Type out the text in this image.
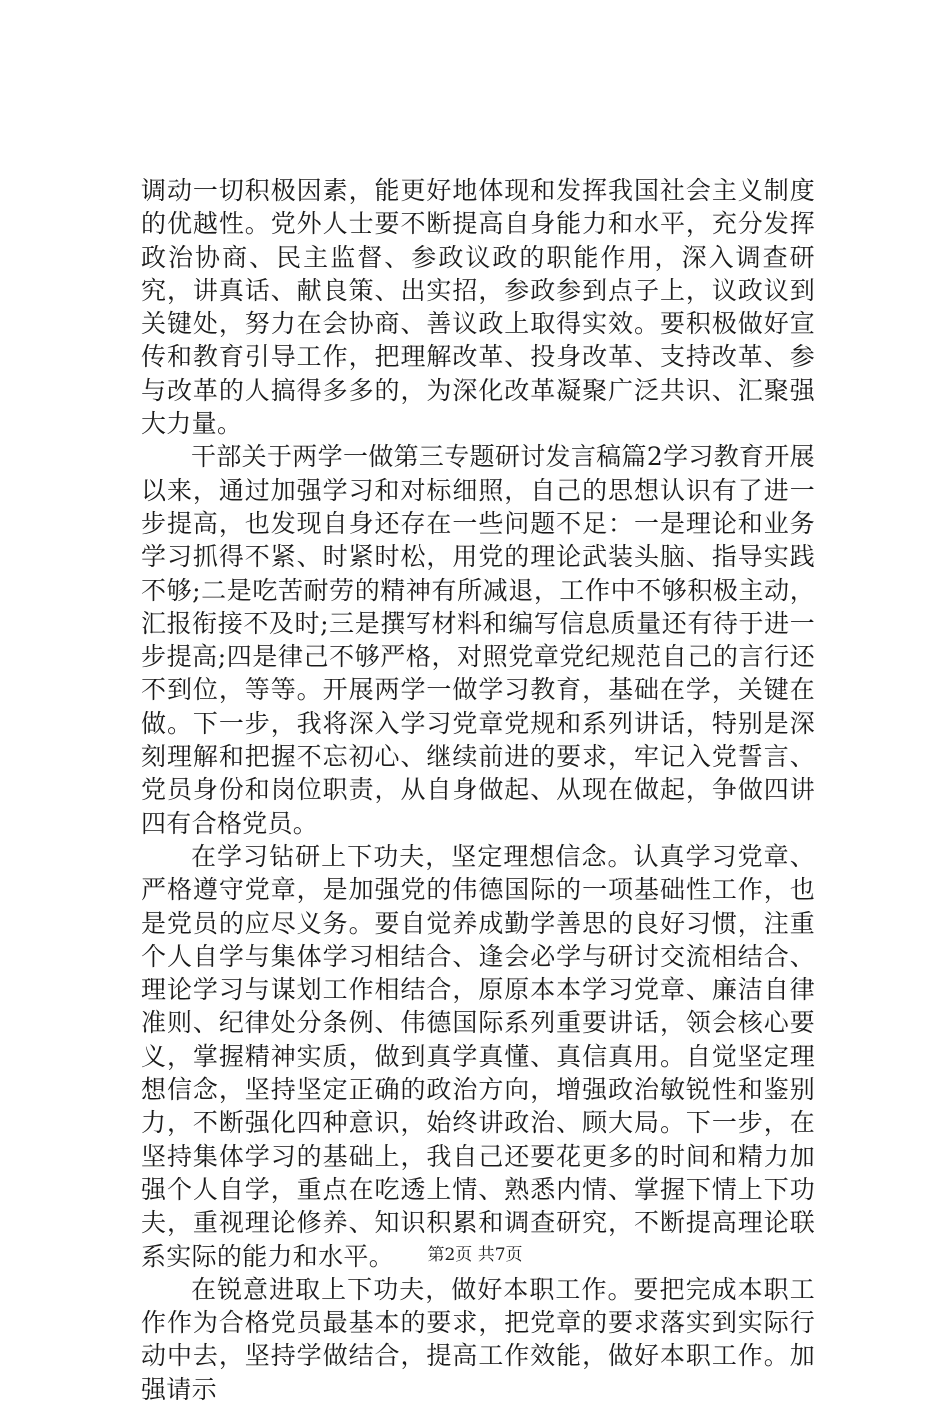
调动一切积极因素，能更好地体现和发挥我国社会主义制度的优越性。党外人士要不断提高自身能力和水平，充分发挥政治协商、民主监督、参政议政的职能作用，深入调查研究，讲真话、献良策、出实招，参政参到点子上，议政议到关键处，努力在会协商、善议政上取得实效。要积极做好宣传和教育引导工作，把理解改革、投身改革、支持改革、参与改革的人搞得多多的，为深化改革凝聚广泛共识、汇聚强大力量。

干部关于两学一做第三专题研讨发言稿篇2学习教育开展以来，通过加强学习和对标细照，自己的思想认识有了进一步提高，也发现自身还存在一些问题不足：一是理论和业务学习抓得不紧、时紧时松，用党的理论武装头脑、指导实践不够;二是吃苦耐劳的精神有所减退，工作中不够积极主动，汇报衔接不及时;三是撰写材料和编写信息质量还有待于进一步提高;四是律己不够严格，对照党章党纪规范自己的言行还不到位，等等。开展两学一做学习教育，基础在学，关键在做。下一步，我将深入学习党章党规和系列讲话，特别是深刻理解和把握不忘初心、继续前进的要求，牢记入党誓言、党员身份和岗位职责，从自身做起、从现在做起，争做四讲四有合格党员。

在学习钻研上下功夫，坚定理想信念。认真学习党章、严格遵守党章，是加强党的伟德国际的一项基础性工作，也是党员的应尽义务。要自觉养成勤学善思的良好习惯，注重个人自学与集体学习相结合、逢会必学与研讨交流相结合、理论学习与谋划工作相结合，原原本本学习党章、廉洁自律准则、纪律处分条例、伟德国际系列重要讲话，领会核心要义，掌握精神实质，做到真学真懂、真信真用。自觉坚定理想信念，坚持坚定正确的政治方向，增强政治敏锐性和鉴别力，不断强化四种意识，始终讲政治、顾大局。下一步，在坚持集体学习的基础上，我自己还要花更多的时间和精力加强个人自学，重点在吃透上情、熟悉内情、掌握下情上下功夫，重视理论修养、知识积累和调查研究，不断提高理论联系实际的能力和水平。

在锐意进取上下功夫，做好本职工作。要把完成本职工作作为合格党员最基本的要求，把党章的要求落实到实际行动中去，坚持学做结合，提高工作效能，做好本职工作。加强请示

第2页 共7页
